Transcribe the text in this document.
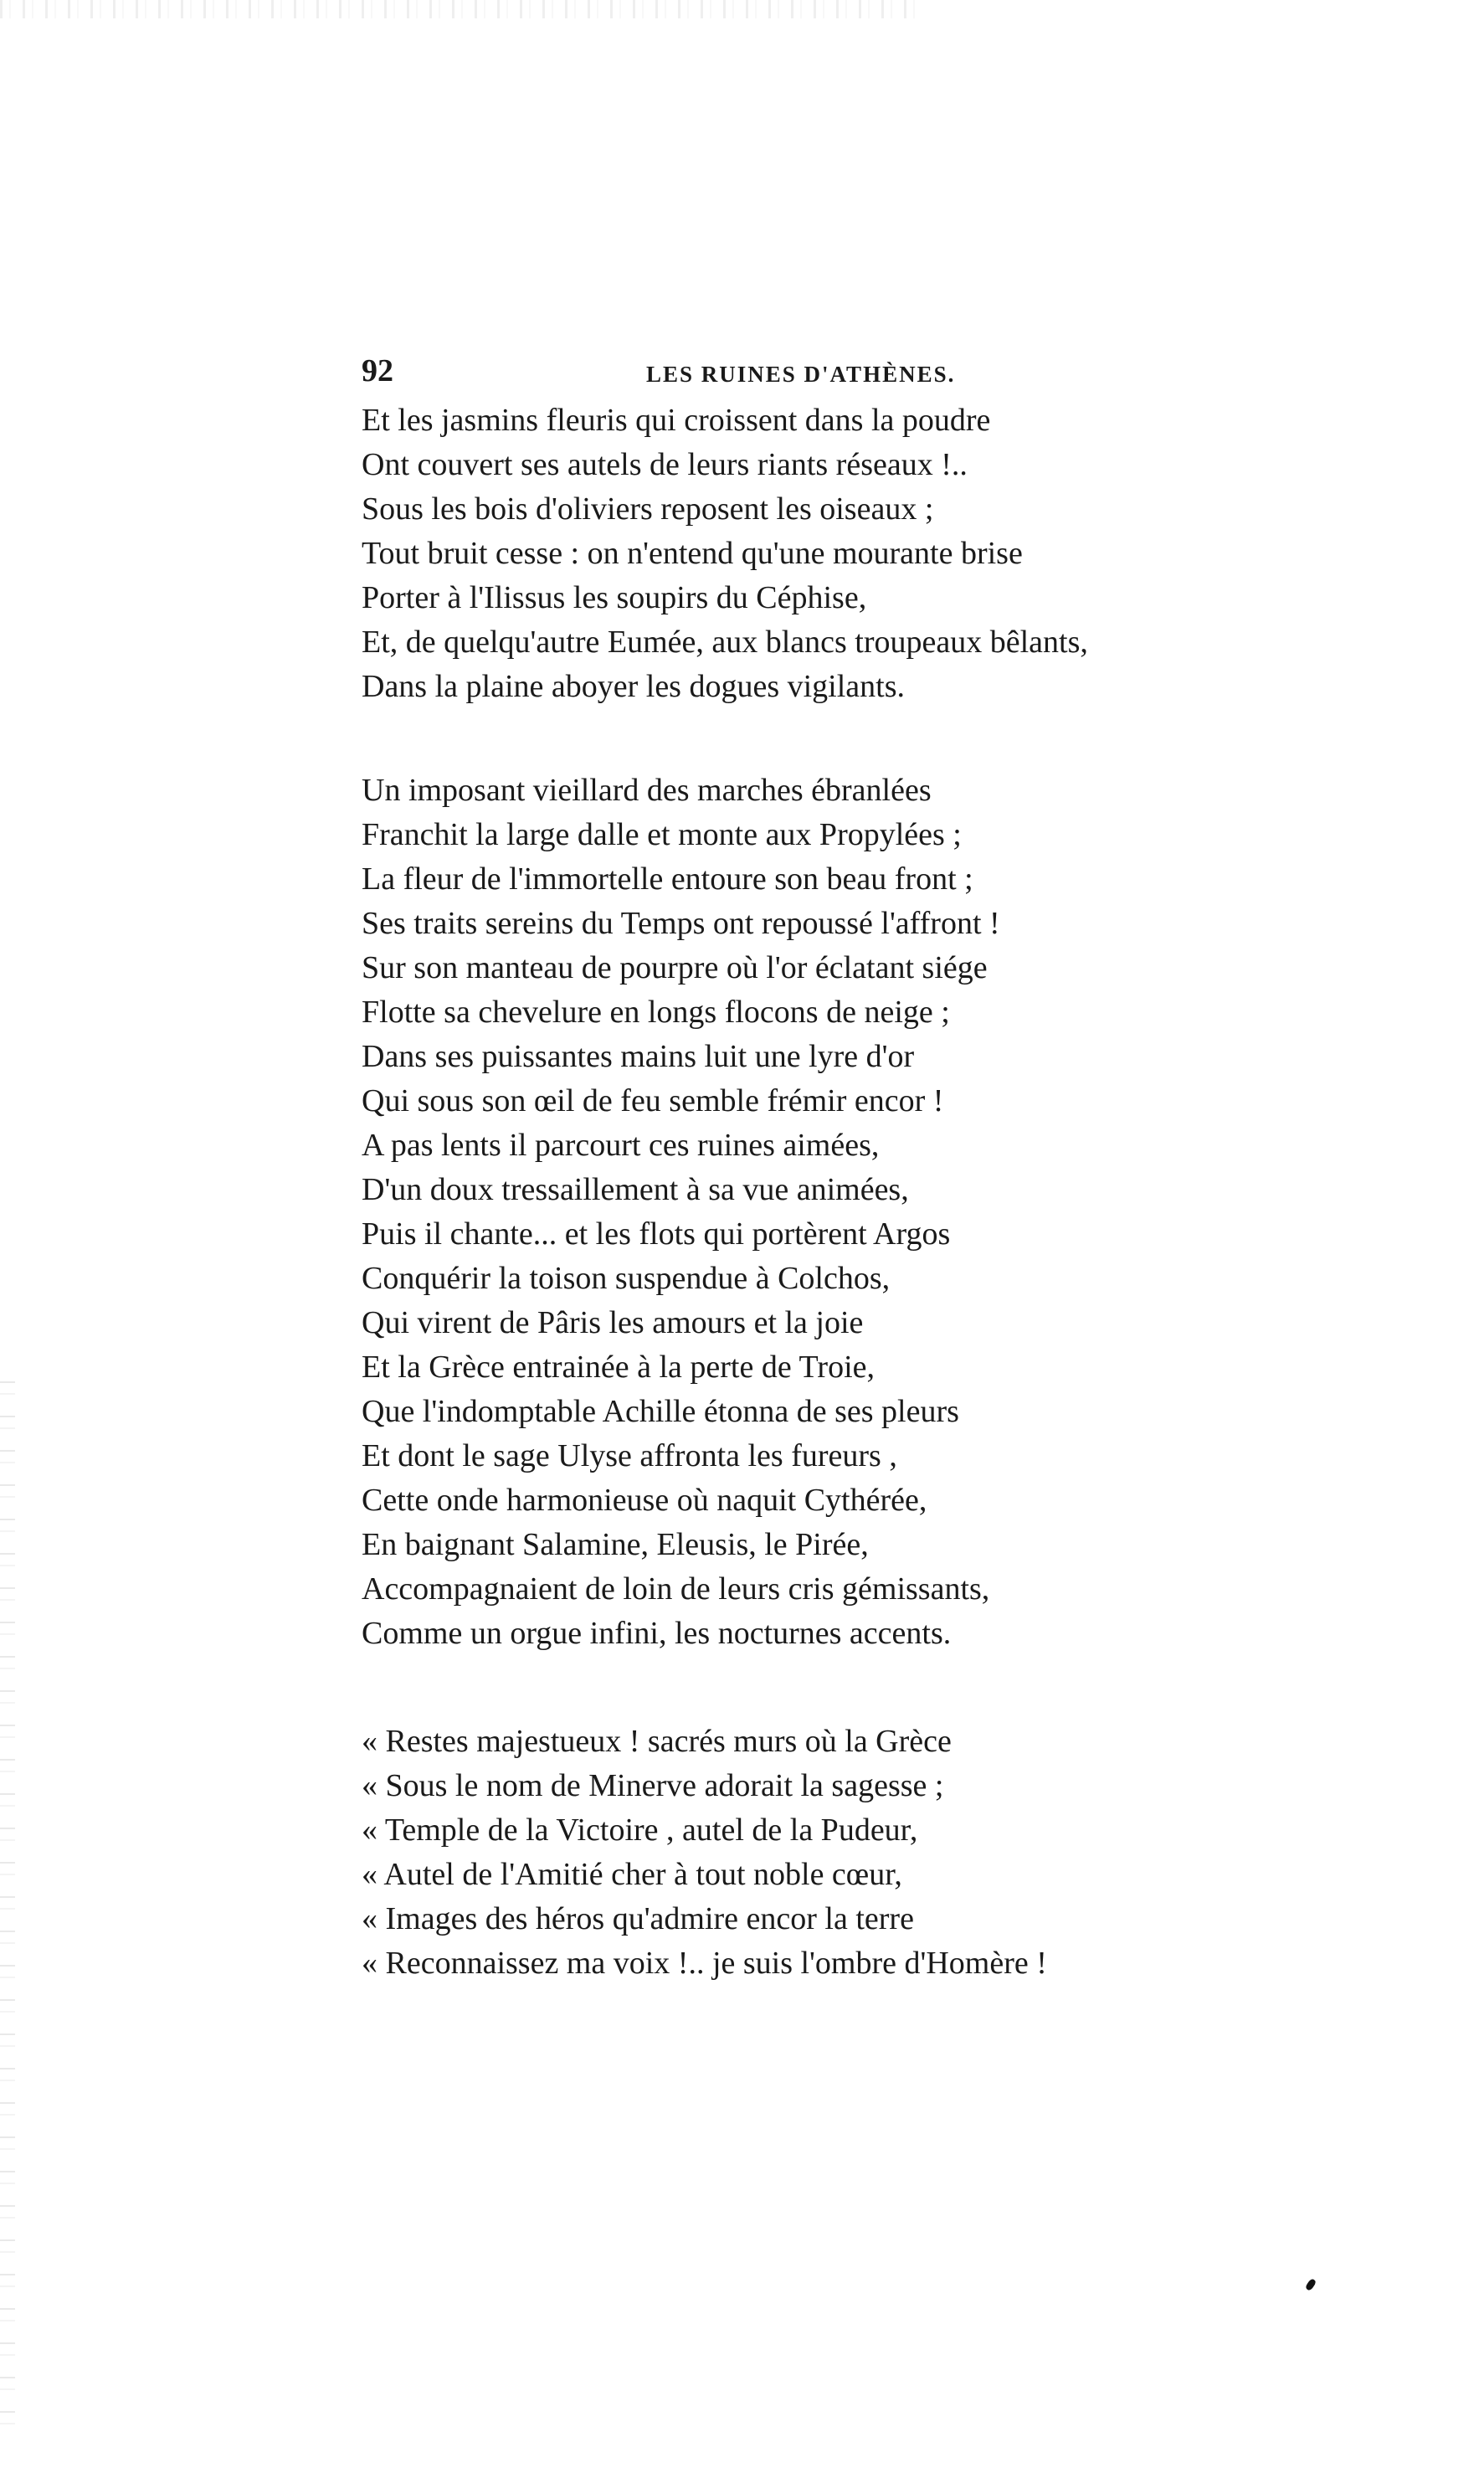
92	LES RUINES D'ATHÈNES.
Et les jasmins fleuris qui croissent dans la poudre
Ont couvert ses autels de leurs riants réseaux !..
Sous les bois d'oliviers reposent les oiseaux ;
Tout bruit cesse : on n'entend qu'une mourante brise
Porter à l'Ilissus les soupirs du Céphise,
Et, de quelqu'autre Eumée, aux blancs troupeaux bêlants,
Dans la plaine aboyer les dogues vigilants.
Un imposant vieillard des marches ébranlées
Franchit la large dalle et monte aux Propylées ;
La fleur de l'immortelle entoure son beau front ;
Ses traits sereins du Temps ont repoussé l'affront !
Sur son manteau de pourpre où l'or éclatant siége
Flotte sa chevelure en longs flocons de neige ;
Dans ses puissantes mains luit une lyre d'or
Qui sous son œil de feu semble frémir encor !
A pas lents il parcourt ces ruines aimées,
D'un doux tressaillement à sa vue animées,
Puis il chante... et les flots qui portèrent Argos
Conquérir la toison suspendue à Colchos,
Qui virent de Pâris les amours et la joie
Et la Grèce entrainée à la perte de Troie,
Que l'indomptable Achille étonna de ses pleurs
Et dont le sage Ulyse affronta les fureurs ,
Cette onde harmonieuse où naquit Cythérée,
En baignant Salamine, Eleusis, le Pirée,
Accompagnaient de loin de leurs cris gémissants,
Comme un orgue infini, les nocturnes accents.
« Restes majestueux ! sacrés murs où la Grèce
« Sous le nom de Minerve adorait la sagesse ;
« Temple de la Victoire , autel de la Pudeur,
« Autel de l'Amitié cher à tout noble cœur,
« Images des héros qu'admire encor la terre
« Reconnaissez ma voix !.. je suis l'ombre d'Homère !
